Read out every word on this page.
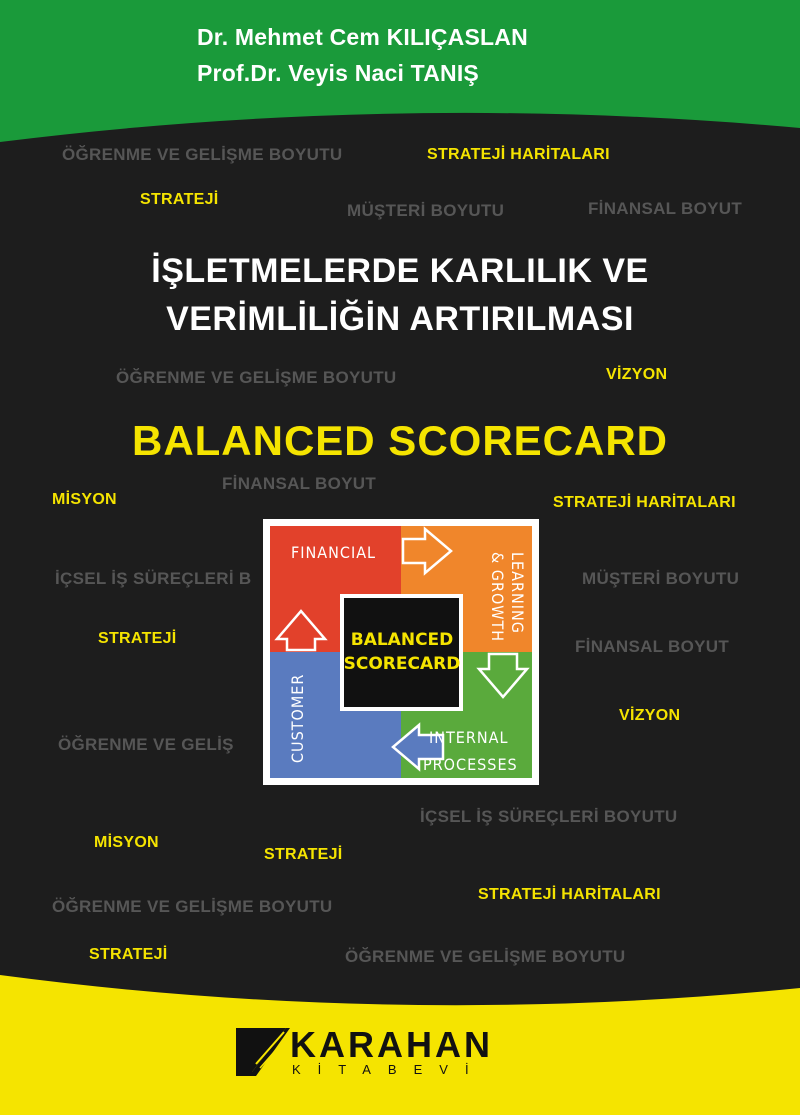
Dr. Mehmet Cem KILIÇASLAN
Prof.Dr. Veyis Naci TANIŞ
ÖĞRENME VE GELİŞME BOYUTU
MÜŞTERİ BOYUTU	FİNANSAL BOYUT
ÖĞRENME VE GELİŞME BOYUTU
FİNANSAL BOYUT
İÇSEL İŞ SÜREÇLERİ B	MÜŞTERİ BOYUTU
FİNANSAL BOYUT
ÖĞRENME VE GELİŞ
İÇSEL İŞ SÜREÇLERİ BOYUTU
ÖĞRENME VE GELİŞME BOYUTU
ÖĞRENME VE GELİŞME BOYUTU
STRATEJİ HARİTALARI
STRATEJİ
VİZYON
MİSYON	STRATEJİ HARİTALARI
STRATEJİ
VİZYON
MİSYON
STRATEJİ
STRATEJİ HARİTALARI
STRATEJİ
İŞLETMELERDE KARLILIK VE
VERİMLİLİĞİN ARTIRILMASI
BALANCED SCORECARD
BALANCED
SCORECARD
FINANCIAL	LEARNING
& GROWTH
INTERNAL
PROCESSES
CUSTOMER
KARAHAN
KİTABEVİ
